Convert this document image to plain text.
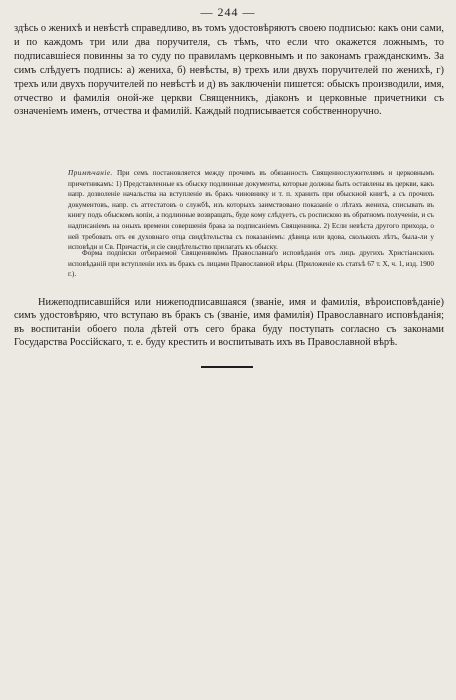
— 244 —

здѣсь о женихѣ и невѣстѣ справедливо, въ томъ удостовѣряютъ своею подписью: какъ они сами, и по каждомъ три или два поручителя, съ тѣмъ, что если что окажется ложнымъ, то подписавшiеся повинны за то суду по правиламъ церковнымъ и по законамъ гражданскимъ. За симъ слѣдуетъ подпись: а) жениха, б) невѣсты, в) трехъ или двухъ поручителей по женихѣ, г) трехъ или двухъ поручителей по невѣстѣ и д) въ заключенiи пишется: обыскъ производили, имя, отчество и фамилiя оной-же церкви Священникъ, дiаконъ и церковные причетники съ означенiемъ именъ, отчества и фамилiй. Каждый подписывается собственноручно.

Примѣчанiе. При семъ постановляется между прочимъ въ обязанность Священнослужителямъ и церковнымъ причетникамъ: 1) Представленные къ обыску подлинные документы, которые должны быть оставлены въ церкви, какъ напр. дозволенiе начальства на вступленiе въ бракъ чиновнику и т. п. хранить при обыскной книгѣ, а съ прочихъ документовъ, напр. съ аттестатовъ о службѣ, изъ которыхъ заимствовано показанiе о лѣтахъ жениха, списывать въ книгу подъ обыскомъ копiи, а подлинные возвращать, буде кому слѣдуетъ, съ роспискою въ обратномъ полученiи, и съ надписанiемъ на оныхъ времени совершенiя брака за подписанiемъ Священника. 2) Если невѣста другого прихода, о ней требовать отъ ея духовнаго отца свидѣтельства съ показанiемъ: дѣвица или вдова, сколькихъ лѣтъ, была-ли у исповѣди и Св. Причастiя, и сiе свидѣтельство прилагать къ обыску.

Форма подписки отбираемой Священникомъ Православнаго исповѣданiя отъ лицъ другихъ Христiанскихъ исповѣданiй при вступленiи ихъ въ бракъ съ лицами Православной вѣры. (Приложенiе къ статьѣ 67 т. X, ч. 1, изд. 1900 г.).

Нижеподписавшiйся или нижеподписавшаяся (званiе, имя и фамилiя, вѣроисповѣданiе) симъ удостовѣряю, что вступаю въ бракъ съ (званiе, имя фамилiя) Православнаго исповѣданiя; въ воспитанiи обоего пола дѣтей отъ сего брака буду поступать согласно съ законами Государства Россiйскаго, т. е. буду крестить и воспитывать ихъ въ Православной вѣрѣ.
